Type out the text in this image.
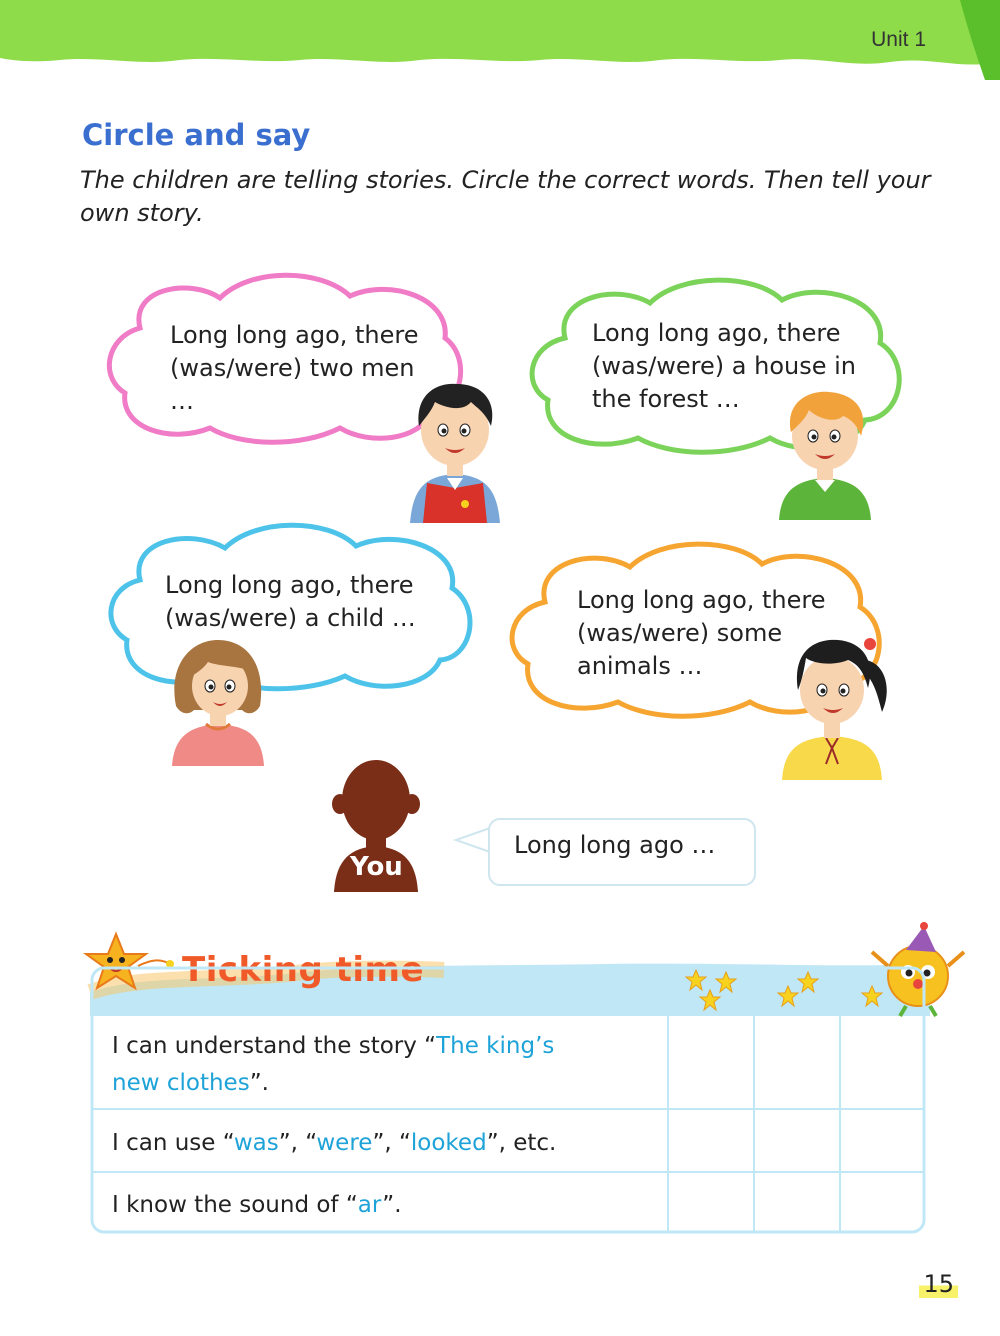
Unit 1
Circle and say
The children are telling stories. Circle the correct words. Then tell your own story.
Long long ago, there
(was/were) two men
…
Long long ago, there
(was/were) a house in
the forest …
Long long ago, there
(was/were) a child …
Long long ago, there
(was/were) some
animals …
You
Long long ago …
Ticking time
I can understand the story “The king’s
new clothes”.
I can use “was”, “were”, “looked”, etc.
I know the sound of “ar”.
15
